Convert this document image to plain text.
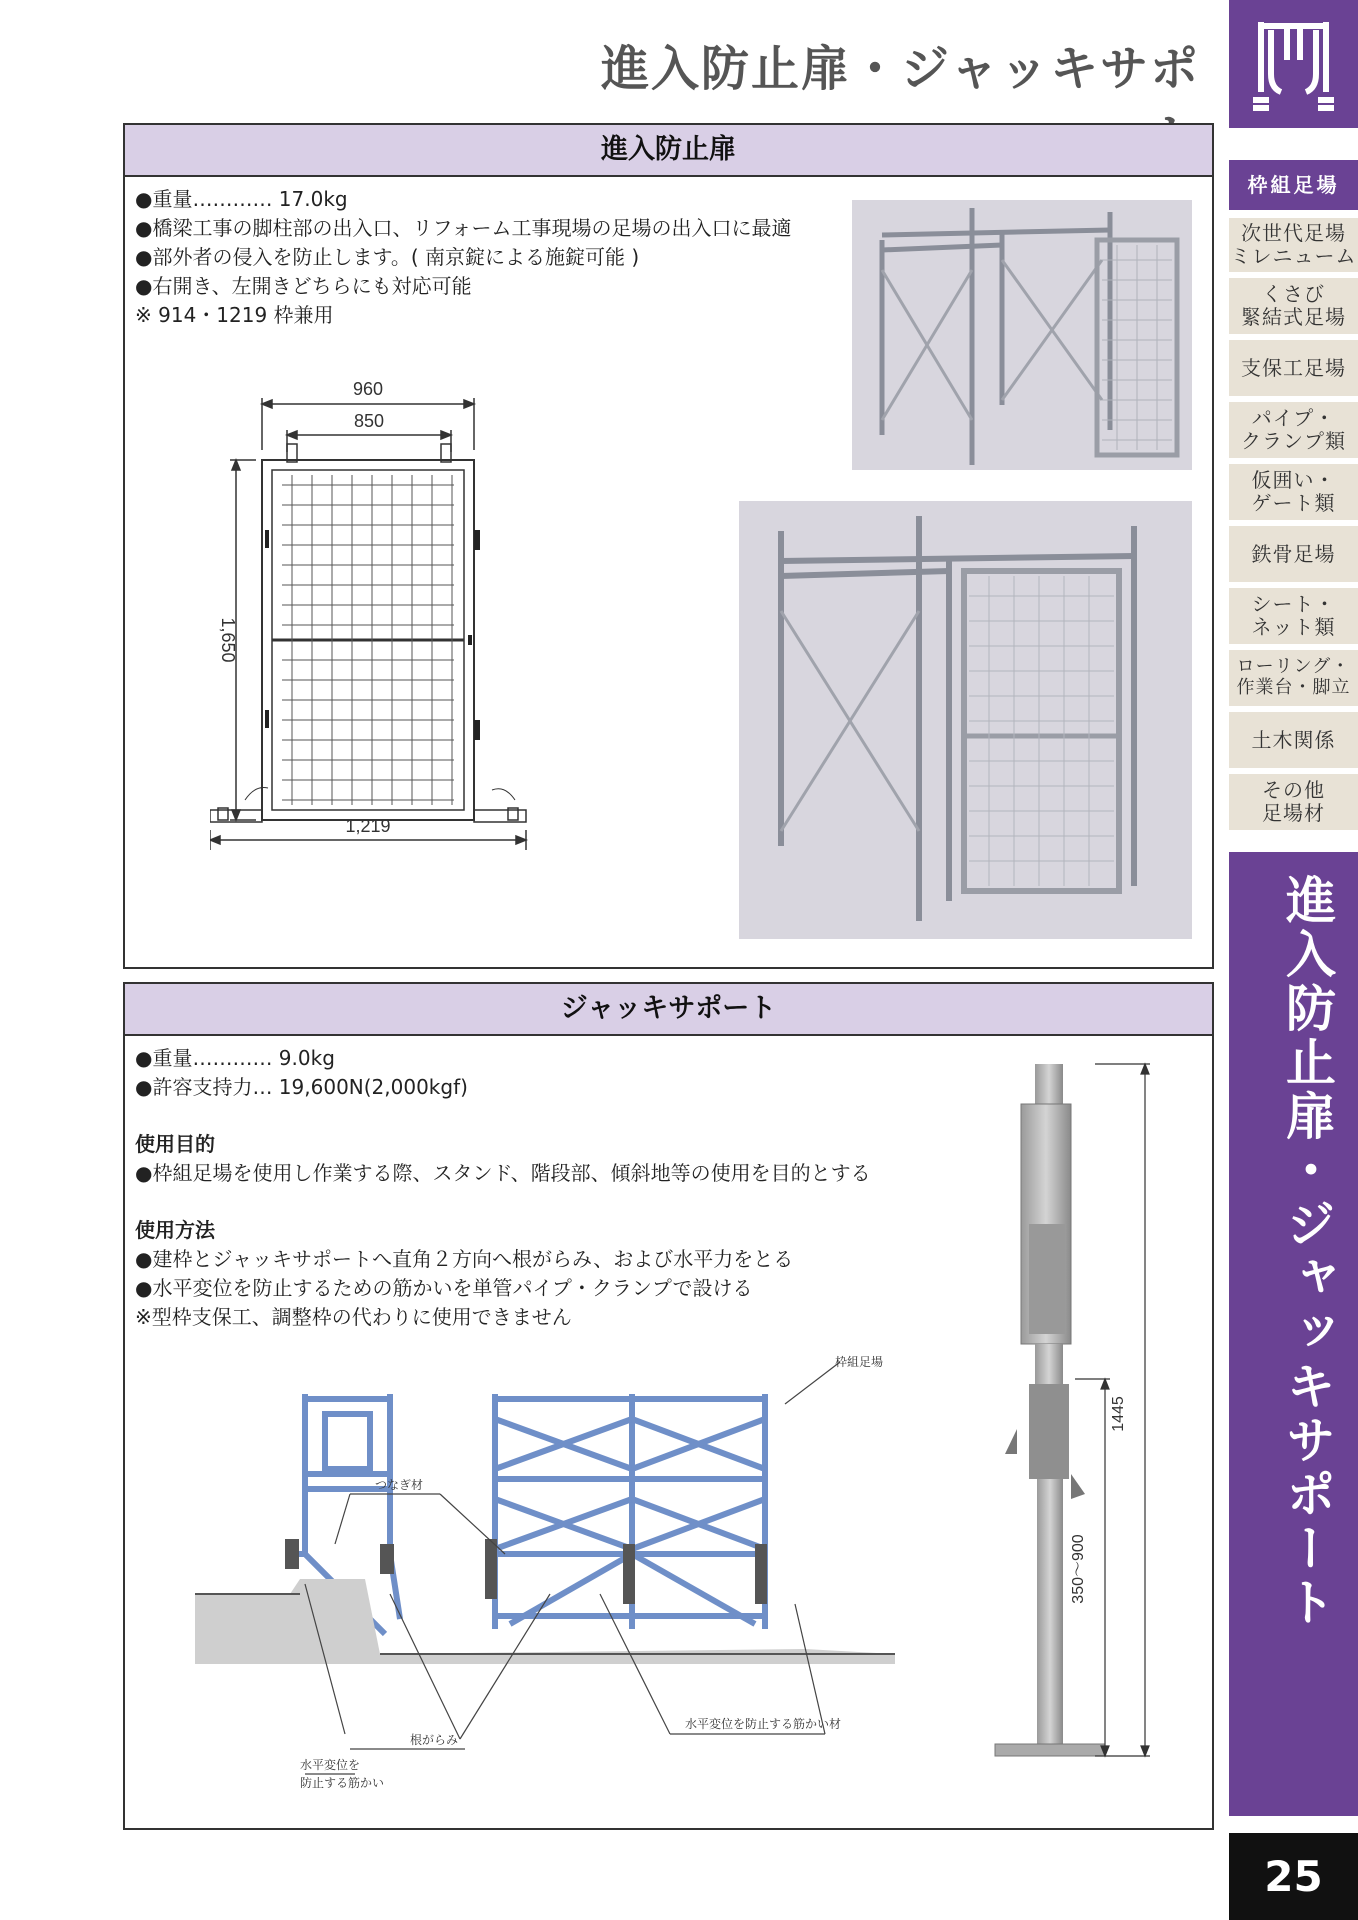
進入防止扉・ジャッキサポ
枠組足場
次世代足場
ミレニューム
くさび
緊結式足場
支保工足場
パイプ・
クランプ類
仮囲い・
ゲート類
鉄骨足場
シート・
ネット類
ローリング・
作業台・脚立
土木関係
その他
足場材
進入防止扉・ジャッキサポート
25
進入防止扉
●重量………… 17.0kg
●橋梁工事の脚柱部の出入口、リフォーム工事現場の足場の出入口に最適
●部外者の侵入を防止します。( 南京錠による施錠可能 )
●右開き、左開きどちらにも対応可能
※ 914・1219 枠兼用
960
850
1,650
1,219
ジャッキサポート
●重量………… 9.0kg
●許容支持力… 19,600N(2,000kgf)
使用目的
●枠組足場を使用し作業する際、スタンド、階段部、傾斜地等の使用を目的とする
使用方法
●建枠とジャッキサポートへ直角２方向へ根がらみ、および水平力をとる
●水平変位を防止するための筋かいを単管パイプ・クランプで設ける
※型枠支保工、調整枠の代わりに使用できません
枠組足場
つなぎ材
根がらみ
水平変位を防止する筋かい材
水平変位を
防止する筋かい
1445
350～900
